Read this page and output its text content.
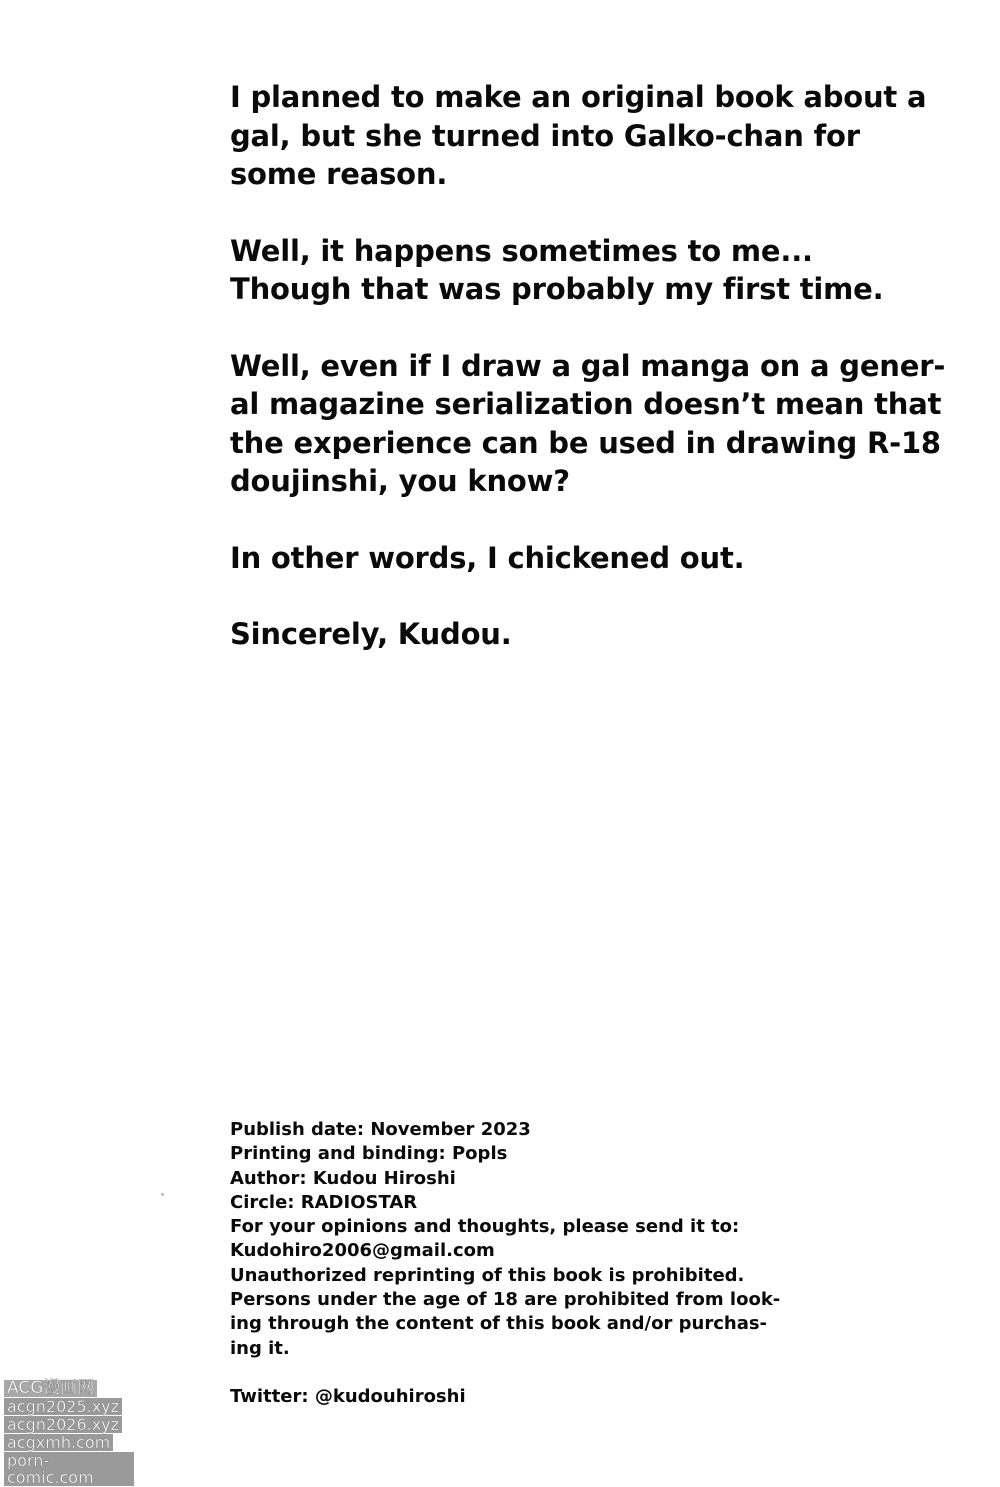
I planned to make an original book about a
gal, but she turned into Galko-chan for
some reason.

Well, it happens sometimes to me...
Though that was probably my first time.

Well, even if I draw a gal manga on a gener-
al magazine serialization doesn’t mean that
the experience can be used in drawing R-18
doujinshi, you know?

In other words, I chickened out.

Sincerely, Kudou.

Publish date: November 2023
Printing and binding: Popls
Author: Kudou Hiroshi
Circle: RADIOSTAR
For your opinions and thoughts, please send it to:
Kudohiro2006@gmail.com
Unauthorized reprinting of this book is prohibited.
Persons under the age of 18 are prohibited from look-
ing through the content of this book and/or purchas-
ing it.
Twitter: @kudouhiroshi
ACG漫画网
acgn2025.xyz
acgn2026.xyz
acgxmh.com
porn-comic.com
